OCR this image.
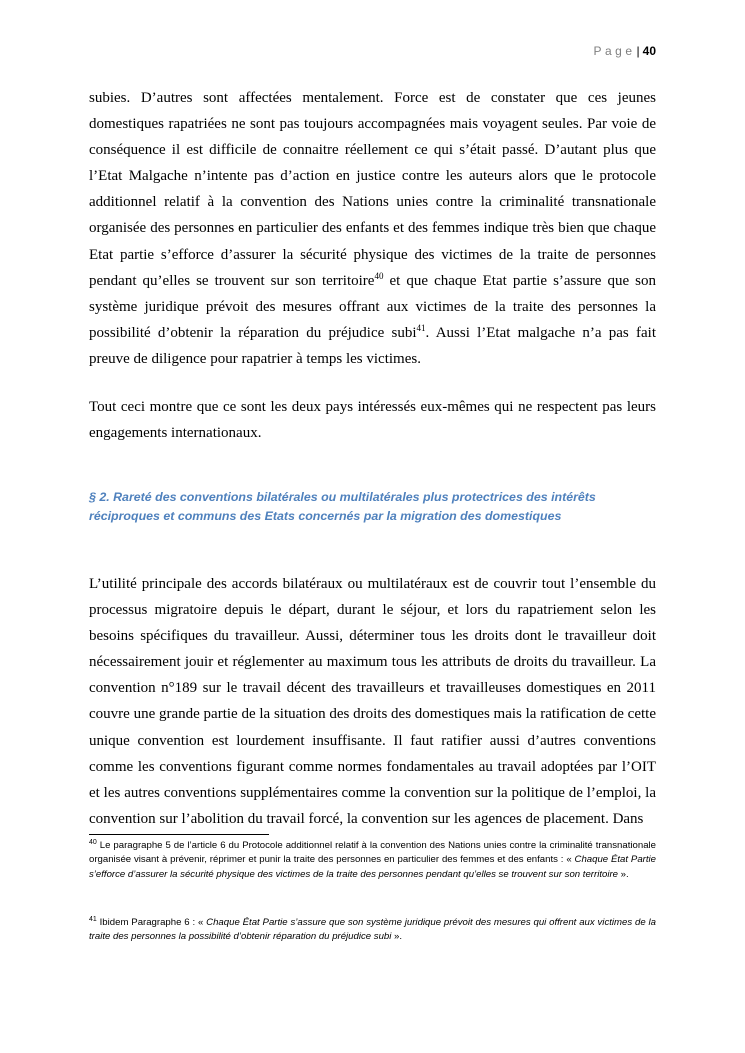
Page| 40

subies. D’autres sont affectées mentalement. Force est de constater que ces jeunes domestiques rapatriées ne sont pas toujours accompagnées mais voyagent seules. Par voie de conséquence il est difficile de connaitre réellement ce qui s’était passé. D’autant plus que l’Etat Malgache n’intente pas d’action en justice contre les auteurs alors que le protocole additionnel relatif à la convention des Nations unies contre la criminalité transnationale organisée des personnes en particulier des enfants et des femmes indique très bien que chaque Etat partie s’efforce d’assurer la sécurité physique des victimes de la traite de personnes pendant qu’elles se trouvent sur son territoire$^{40}$ et que chaque Etat partie s’assure que son système juridique prévoit des mesures offrant aux victimes de la traite des personnes la possibilité d’obtenir la réparation du préjudice subi$^{41}$. Aussi l’Etat malgache n’a pas fait preuve de diligence pour rapatrier à temps les victimes.

Tout ceci montre que ce sont les deux pays intéressés eux-mêmes qui ne respectent pas leurs engagements internationaux.

§ 2. Rareté des conventions bilatérales ou multilatérales plus protectrices des intérêts réciproques et communs des Etats concernés par la migration des domestiques

L’utilité principale des accords bilatéraux ou multilatéraux est de couvrir tout l’ensemble du processus migratoire depuis le départ, durant le séjour, et lors du rapatriement selon les besoins spécifiques du travailleur. Aussi, déterminer tous les droits dont le travailleur doit nécessairement jouir et réglementer au maximum tous les attributs de droits du travailleur. La convention n°189 sur le travail décent des travailleurs et travailleuses domestiques en 2011 couvre une grande partie de la situation des droits des domestiques mais la ratification de cette unique convention est lourdement insuffisante. Il faut ratifier aussi d’autres conventions comme les conventions figurant comme normes fondamentales au travail adoptées par l’OIT et les autres conventions supplémentaires comme la convention sur la politique de l’emploi, la convention sur l’abolition du travail forcé, la convention sur les agences de placement. Dans

$^{40}$ Le paragraphe 5 de l’article 6 du Protocole additionnel relatif à la convention des Nations unies contre la criminalité transnationale organisée visant à prévenir, réprimer et punir la traite des personnes en particulier des femmes et des enfants : « Chaque État Partie s’efforce d’assurer la sécurité physique des victimes de la traite des personnes pendant qu’elles se trouvent sur son territoire ».

$^{41}$ Ibidem Paragraphe 6 : « Chaque État Partie s’assure que son système juridique prévoit des mesures qui offrent aux victimes de la traite des personnes la possibilité d’obtenir réparation du préjudice subi ».
